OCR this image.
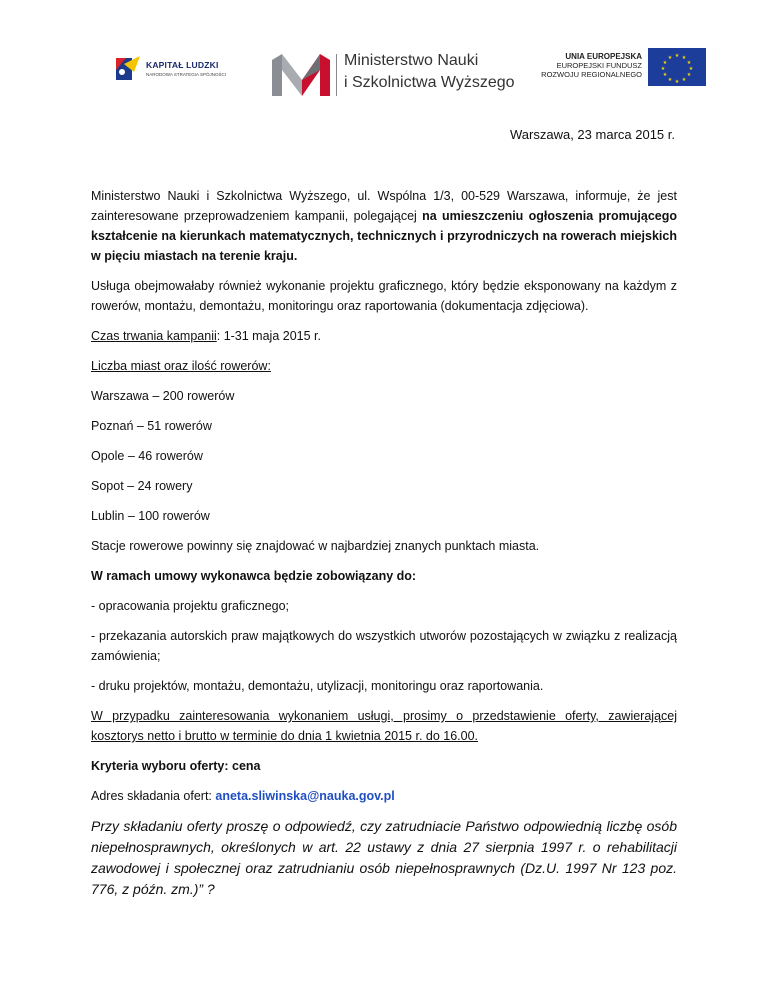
KAPITAŁ LUDZKI
NARODOWA STRATEGIA SPÓJNOŚCI
Ministerstwo Nauki
i Szkolnictwa Wyższego
UNIA EUROPEJSKA
EUROPEJSKI FUNDUSZ
ROZWOJU REGIONALNEGO
★ ★
★
★
★
★
★
★
★
★
★
★
Warszawa, 23 marca 2015 r.

Ministerstwo Nauki i Szkolnictwa Wyższego, ul. Wspólna 1/3, 00-529 Warszawa, informuje, że jest zainteresowane przeprowadzeniem kampanii, polegającej na umieszczeniu ogłoszenia promującego kształcenie na kierunkach matematycznych, technicznych i przyrodniczych na rowerach miejskich w pięciu miastach na terenie kraju.

Usługa obejmowałaby również wykonanie projektu graficznego, który będzie eksponowany na każdym z rowerów, montażu, demontażu, monitoringu oraz raportowania (dokumentacja zdjęciowa).

Czas trwania kampanii: 1-31 maja 2015 r.

Liczba miast oraz ilość rowerów:

Warszawa – 200 rowerów

Poznań – 51 rowerów

Opole – 46 rowerów

Sopot – 24 rowery

Lublin – 100 rowerów

Stacje rowerowe powinny się znajdować w najbardziej znanych punktach miasta.

W ramach umowy wykonawca będzie zobowiązany do:

- opracowania projektu graficznego;

- przekazania autorskich praw majątkowych do wszystkich utworów pozostających w związku z realizacją zamówienia;

- druku projektów, montażu, demontażu, utylizacji, monitoringu oraz raportowania.

W przypadku zainteresowania wykonaniem usługi, prosimy o przedstawienie oferty, zawierającej kosztorys netto i brutto w terminie do dnia 1 kwietnia 2015 r. do 16.00.

Kryteria wyboru oferty: cena

Adres składania ofert: aneta.sliwinska@nauka.gov.pl

Przy składaniu oferty proszę o odpowiedź, czy zatrudniacie Państwo odpowiednią liczbę osób niepełnosprawnych, określonych w art. 22 ustawy z dnia 27 sierpnia 1997 r. o rehabilitacji zawodowej i społecznej oraz zatrudnianiu osób niepełnosprawnych (Dz.U. 1997 Nr 123 poz. 776, z późn. zm.)” ?
